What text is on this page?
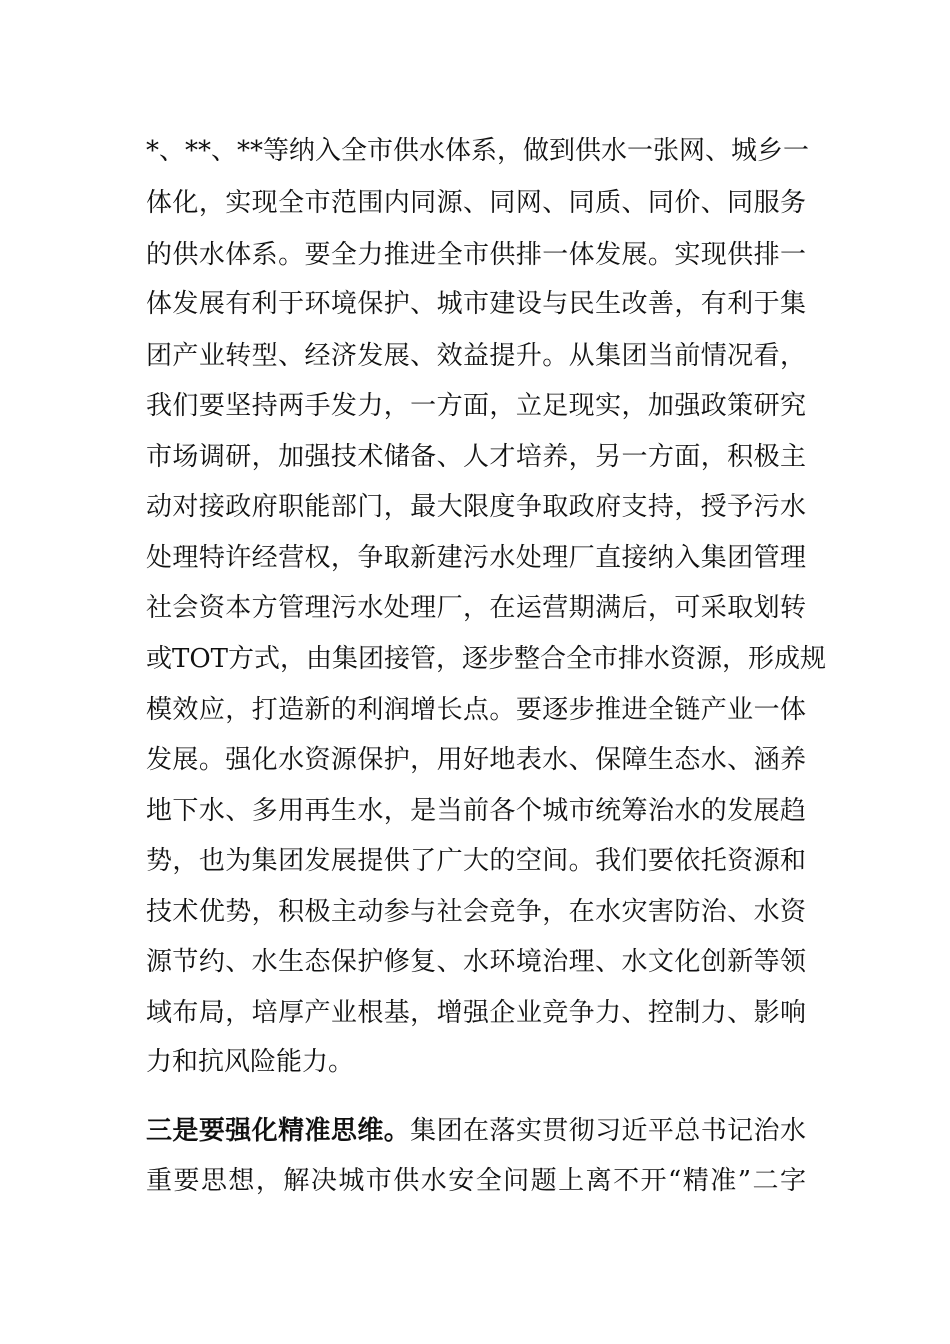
*、**、**等纳入全市供水体系，做到供水一张网、城乡一
体化，实现全市范围内同源、同网、同质、同价、同服务
的供水体系。要全力推进全市供排一体发展。实现供排一
体发展有利于环境保护、城市建设与民生改善，有利于集
团产业转型、经济发展、效益提升。从集团当前情况看，
我们要坚持两手发力，一方面，立足现实，加强政策研究
市场调研，加强技术储备、人才培养，另一方面，积极主
动对接政府职能部门，最大限度争取政府支持，授予污水
处理特许经营权，争取新建污水处理厂直接纳入集团管理
社会资本方管理污水处理厂，在运营期满后，可采取划转
或TOT方式，由集团接管，逐步整合全市排水资源，形成规
模效应，打造新的利润增长点。要逐步推进全链产业一体
发展。强化水资源保护，用好地表水、保障生态水、涵养
地下水、多用再生水，是当前各个城市统筹治水的发展趋
势，也为集团发展提供了广大的空间。我们要依托资源和
技术优势，积极主动参与社会竞争，在水灾害防治、水资
源节约、水生态保护修复、水环境治理、水文化创新等领
域布局，培厚产业根基，增强企业竞争力、控制力、影响
力和抗风险能力。
三是要强化精准思维。集团在落实贯彻习近平总书记治水
重要思想，解决城市供水安全问题上离不开“精准”二字
